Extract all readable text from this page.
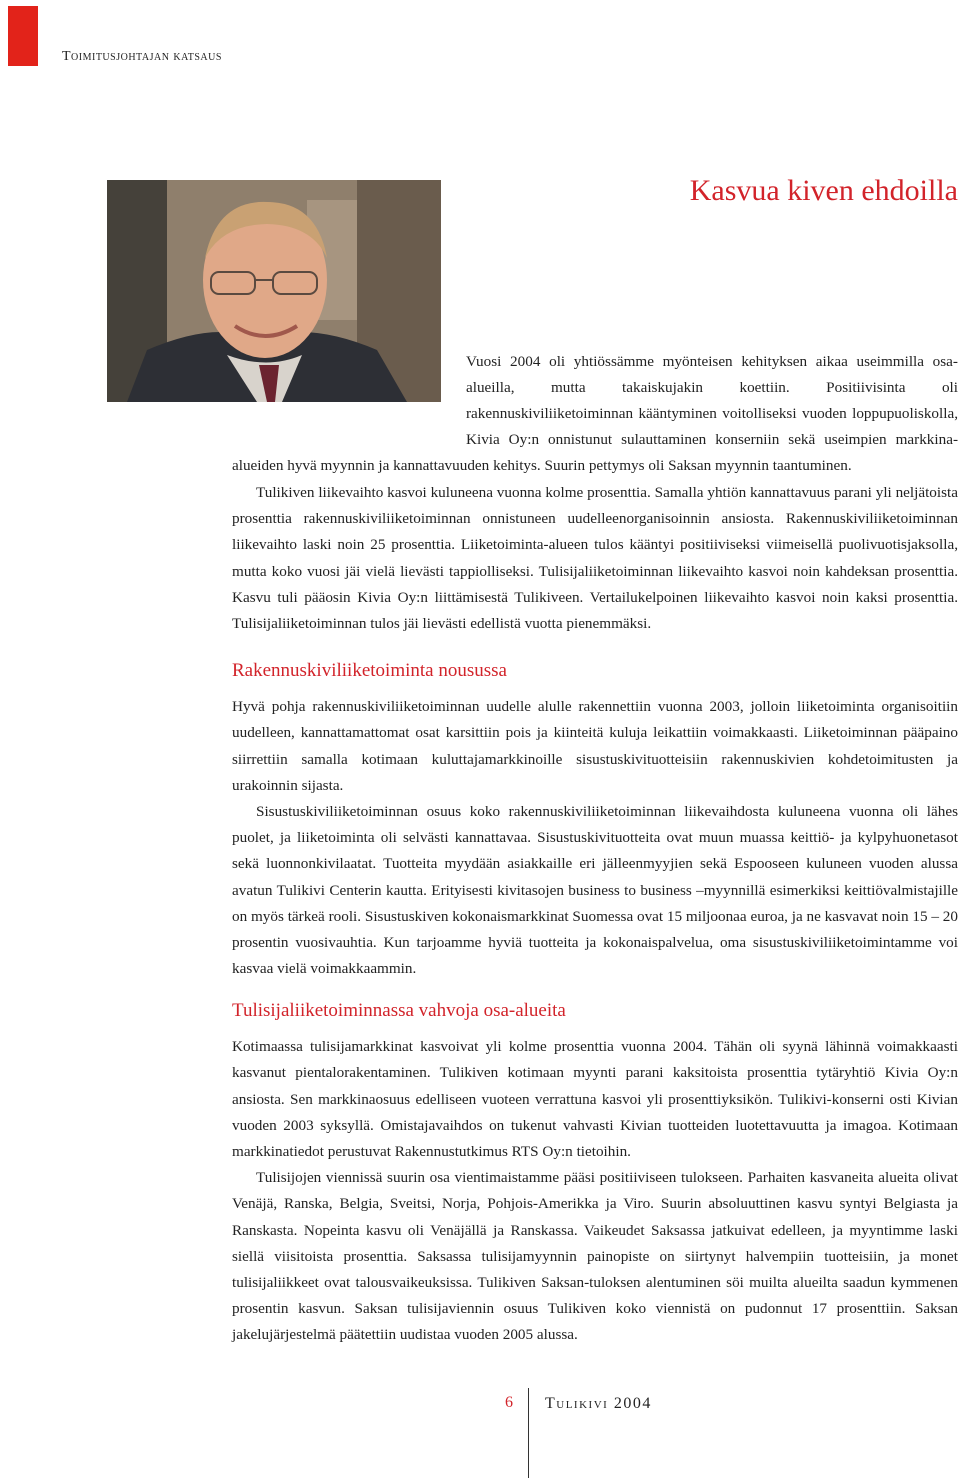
Toimitusjohtajan katsaus
Kasvua kiven ehdoilla

Vuosi 2004 oli yhtiössämme myönteisen kehityksen aikaa useimmilla osa-alueilla, mutta takaiskujakin koettiin. Positiivisinta oli rakennuskiviliiketoiminnan kääntyminen voitolliseksi vuoden loppupuoliskolla, Kivia Oy:n onnistunut sulauttaminen konserniin sekä useimpien markkina-alueiden hyvä myynnin ja kannattavuuden kehitys. Suurin pettymys oli Saksan myynnin taantuminen.

Tulikiven liikevaihto kasvoi kuluneena vuonna kolme prosenttia. Samalla yhtiön kannattavuus parani yli neljätoista prosenttia rakennuskiviliiketoiminnan onnistuneen uudelleenorganisoinnin ansiosta. Rakennuskiviliiketoiminnan liikevaihto laski noin 25 prosenttia. Liiketoiminta-alueen tulos kääntyi positiiviseksi viimeisellä puolivuotisjaksolla, mutta koko vuosi jäi vielä lievästi tappiolliseksi. Tulisijaliiketoiminnan liikevaihto kasvoi noin kahdeksan prosenttia. Kasvu tuli pääosin Kivia Oy:n liittämisestä Tulikiveen. Vertailukelpoinen liikevaihto kasvoi noin kaksi prosenttia. Tulisijaliiketoiminnan tulos jäi lievästi edellistä vuotta pienemmäksi.

Rakennuskiviliiketoiminta nousussa

Hyvä pohja rakennuskiviliiketoiminnan uudelle alulle rakennettiin vuonna 2003, jolloin liiketoiminta organisoitiin uudelleen, kannattamattomat osat karsittiin pois ja kiinteitä kuluja leikattiin voimakkaasti. Liiketoiminnan pääpaino siirrettiin samalla kotimaan kuluttajamarkkinoille sisustuskivituotteisiin rakennuskivien kohdetoimitusten ja urakoinnin sijasta.

Sisustuskiviliiketoiminnan osuus koko rakennuskiviliiketoiminnan liikevaihdosta kuluneena vuonna oli lähes puolet, ja liiketoiminta oli selvästi kannattavaa. Sisustuskivituotteita ovat muun muassa keittiö- ja kylpyhuonetasot sekä luonnonkivilaatat. Tuotteita myydään asiakkaille eri jälleenmyyjien sekä Espooseen kuluneen vuoden alussa avatun Tulikivi Centerin kautta. Erityisesti kivitasojen business to business –myynnillä esimerkiksi keittiövalmistajille on myös tärkeä rooli. Sisustuskiven kokonaismarkkinat Suomessa ovat 15 miljoonaa euroa, ja ne kasvavat noin 15 – 20 prosentin vuosivauhtia. Kun tarjoamme hyviä tuotteita ja kokonaispalvelua, oma sisustuskiviliiketoimintamme voi kasvaa vielä voimakkaammin.

Tulisijaliiketoiminnassa vahvoja osa-alueita

Kotimaassa tulisijamarkkinat kasvoivat yli kolme prosenttia vuonna 2004. Tähän oli syynä lähinnä voimakkaasti kasvanut pientalorakentaminen. Tulikiven kotimaan myynti parani kaksitoista prosenttia tytäryhtiö Kivia Oy:n ansiosta. Sen markkinaosuus edelliseen vuoteen verrattuna kasvoi yli prosenttiyksikön. Tulikivi-konserni osti Kivian vuoden 2003 syksyllä. Omistajavaihdos on tukenut vahvasti Kivian tuotteiden luotettavuutta ja imagoa. Kotimaan markkinatiedot perustuvat Rakennustutkimus RTS Oy:n tietoihin.

Tulisijojen viennissä suurin osa vientimaistamme pääsi positiiviseen tulokseen. Parhaiten kasvaneita alueita olivat Venäjä, Ranska, Belgia, Sveitsi, Norja, Pohjois-Amerikka ja Viro. Suurin absoluuttinen kasvu syntyi Belgiasta ja Ranskasta. Nopeinta kasvu oli Venäjällä ja Ranskassa. Vaikeudet Saksassa jatkuivat edelleen, ja myyntimme laski siellä viisitoista prosenttia. Saksassa tulisijamyynnin painopiste on siirtynyt halvempiin tuotteisiin, ja monet tulisijaliikkeet ovat talousvaikeuksissa. Tulikiven Saksan-tuloksen alentuminen söi muilta alueilta saadun kymmenen prosentin kasvun. Saksan tulisijaviennin osuus Tulikiven koko viennistä on pudonnut 17 prosenttiin. Saksan jakelujärjestelmä päätettiin uudistaa vuoden 2005 alussa.

6 Tulikivi 2004
